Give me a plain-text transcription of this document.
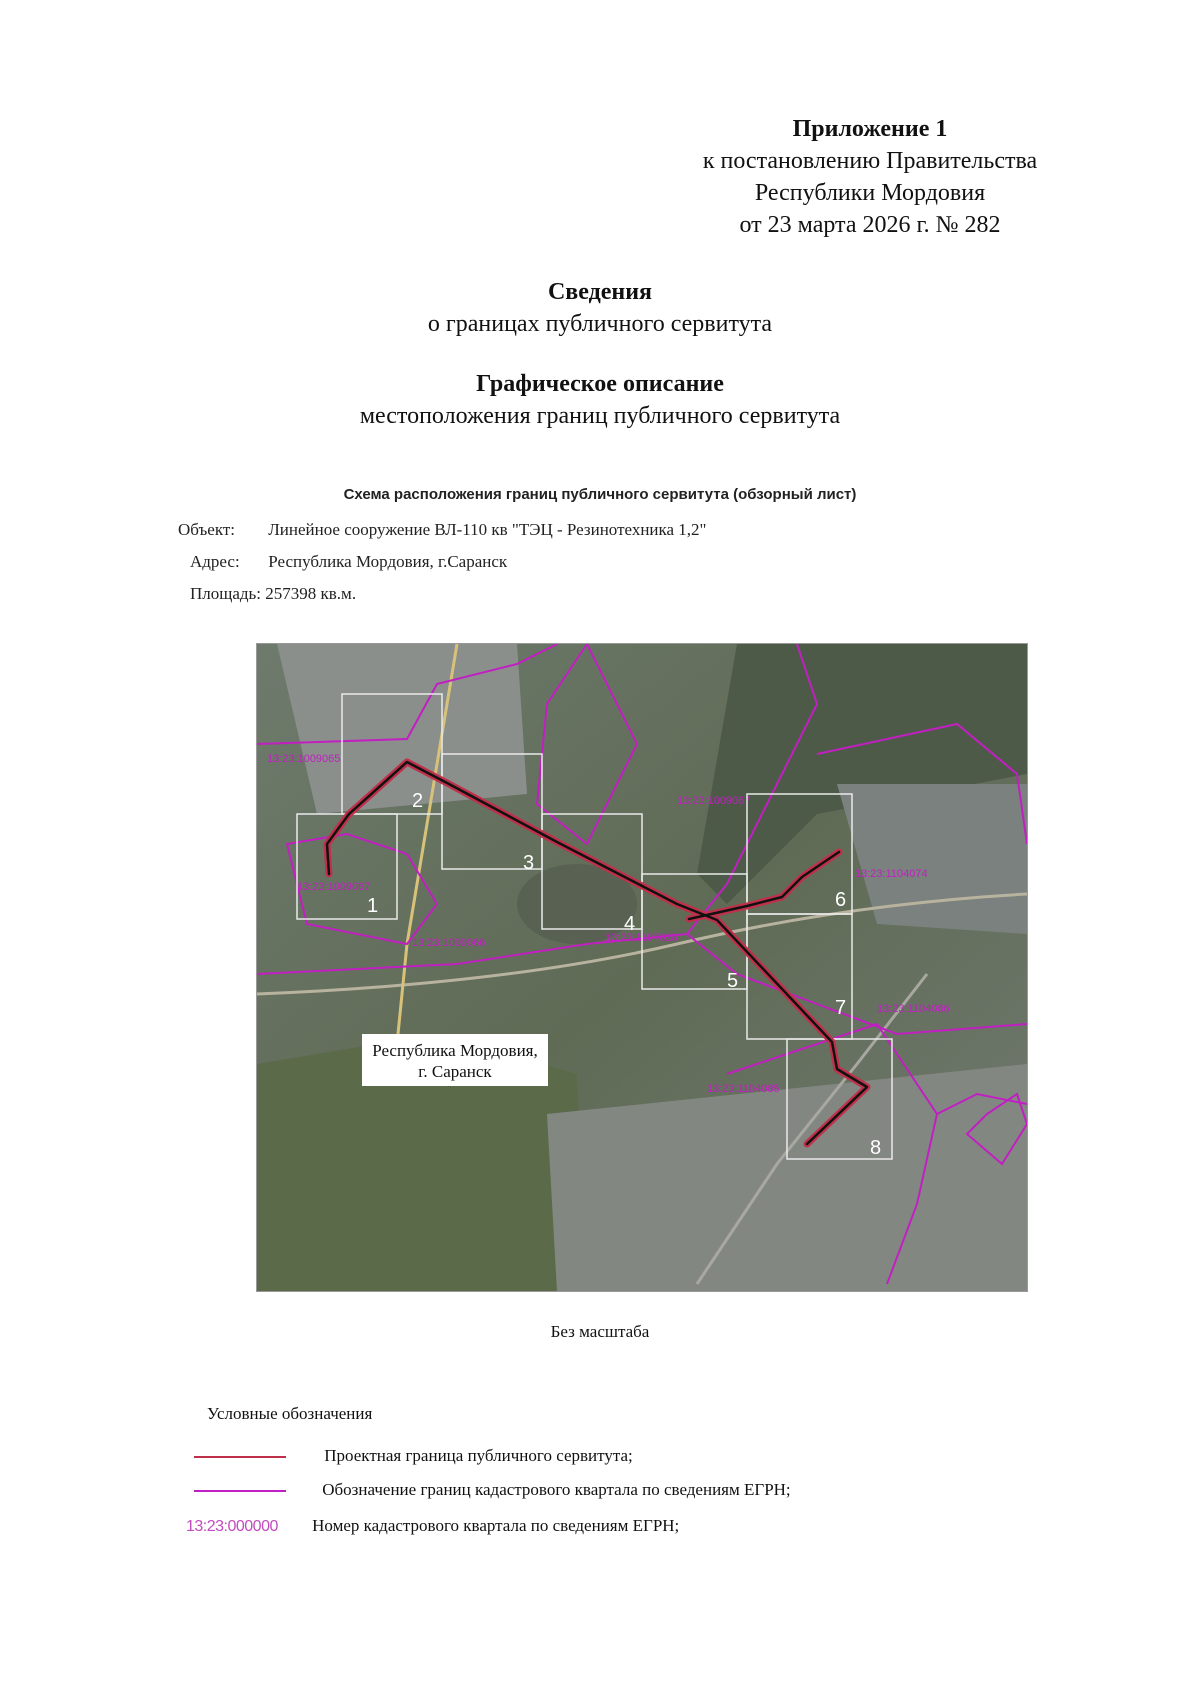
Приложение 1
к постановлению Правительства
Республики Мордовия
от 23 марта 2026 г. № 282
Сведения
о границах публичного сервитута
Графическое описание
местоположения границ публичного сервитута
Схема расположения границ публичного сервитута (обзорный лист)
Объект: Линейное сооружение ВЛ-110 кв "ТЭЦ - Резинотехника 1,2"
Адрес: Республика Мордовия, г.Саранск
Площадь: 257398 кв.м.
13:23:1009065
13:23:1009067
13:23:1009066
13:23:1009067
13:23:1107028
13:23:1104074
13:23:1104086
13:23:1104085
1
2
3
4
5
6
7
8
Республика Мордовия,
г. Саранск
Без масштаба
Условные обозначения
Проектная граница публичного сервитута;
Обозначение границ кадастрового квартала по сведениям ЕГРН;
13:23:000000 Номер кадастрового квартала по сведениям ЕГРН;
